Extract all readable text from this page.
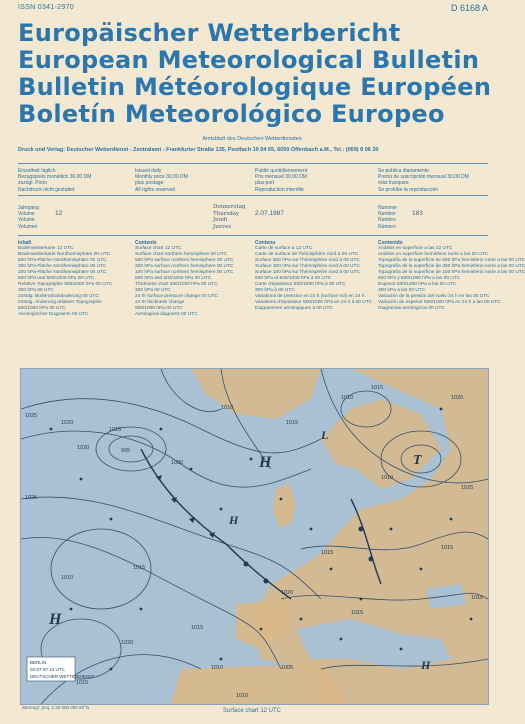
ISSN 0341-2970	D 6168 A
Europäischer Wetterbericht
European Meteorological Bulletin
Bulletin Météorologique Européen
Boletín Meteorológico Europeo
Amtsblatt des Deutschen Wetterdienstes
Druck und Verlag: Deutscher Wetterdienst - Zentralamt - Frankfurter Straße 135, Postfach 10 04 65, 6050 Offenbach a.M., Tel.: (069) 8 06 20
Einzelheit täglich
Bezugspreis monatlich 30,00 DM
zuzügl. Porto
Nachdruck nicht gestattet
Issued daily
Monthly price 30,00 DM
plus postage
All rights reserved
Publié quotidiennement
Prix mensuel 30,00 DM
plus port
Reproduction interdite
Se publica diariamente
Precio de suscripción mensual 30,00 DM
más franqueo
Se prohíbe la reproducción
Jahrgang
Volume
Volume
Volumen
12
Donnerstag
Thursday
Jeudi
Jueves
2.07.1987
Nummer
Number
Numéro
Número
183
Inhalt
Bodenwetterkarte 12 UTC
Bodenwetterkarte Nordhemisphäre 00 UTC
500 hPa-Fläche Nordhemisphäre 00 UTC
300 hPa-Fläche Nordhemisphäre 00 UTC
100 hPa-Fläche Nordhemisphäre 00 UTC
500 hPa und 500/1000 hPa 00 UTC
Relative Topographie 500/1000 hPa 00 UTC
300 hPa 00 UTC
24stdg. Bodendruckänderung 00 UTC
24stdg. Änderung relativer Topographie
500/1000 hPa 00 UTC
Aerologischer Diagramm 00 UTC
Contents
Surface chart 12 UTC
Surface chart northern hemisphere 00 UTC
500 hPa surface northern hemisphere 00 UTC
300 hPa surface northern hemisphere 00 UTC
100 hPa surface northern hemisphere 00 UTC
500 hPa and 500/1000 hPa 00 UTC
Thickness chart 500/1000 hPa 00 UTC
300 hPa 00 UTC
24 hr surface pressure change 00 UTC
24 hr thickness change
500/1000 hPa 00 UTC
Aerological diagrams 00 UTC
Contenu
Carte de surface à 12 UTC
Carte de surface de l'hémisphère nord à 00 UTC
Surface 500 hPa sur l'hémisphère nord à 00 UTC
Surface 300 hPa sur l'hémisphère nord à 00 UTC
Surface 100 hPa sur l'hémisphère nord à 00 UTC
500 hPa et 500/1000 hPa à 00 UTC
Carte d'épaisseur 500/1000 hPa à 00 UTC
300 hPa à 00 UTC
Variations de pression en 24 h (surface sol) en 24 h
Variations d'épaisseur 500/1000 hPa en 24 h à 00 UTC
Diagrammes aérologiques à 00 UTC
Contenido
Análisis en superficie a las 12 UTC
Análisis en superficie hemisferio norte a las 00 UTC
Topografía de la superficie de 500 hPa hemisferio norte a las 00 UTC
Topografía de la superficie de 300 hPa hemisferio norte a las 00 UTC
Topografía de la superficie de 100 hPa hemisferio norte a las 00 UTC
500 hPa y 500/1000 hPa a las 00 UTC
Espesor 500/1000 hPa a las 00 UTC
300 hPa a las 00 UTC
Variación de la presión del suelo 24 h en las 00 UTC
Variación de espesor 500/1000 hPa en 24 h a las 00 UTC
Diagramas aerológicos 00 UTC
H
H
H
L
T
H
1025
1020
1020
1015
995
1025
1020
1010
1015
1010
1015
1020
1025
1015
1020
1010
1015
1010
1015
1015
1010
1015
1010	1005
1015
1020
1010
BERLIN
02-07-87 12 UTC
DEUTSCHER WETTERDIENST
Stereogr. proj. 1:30 000 000 60°N
Surface chart 12 UTC
